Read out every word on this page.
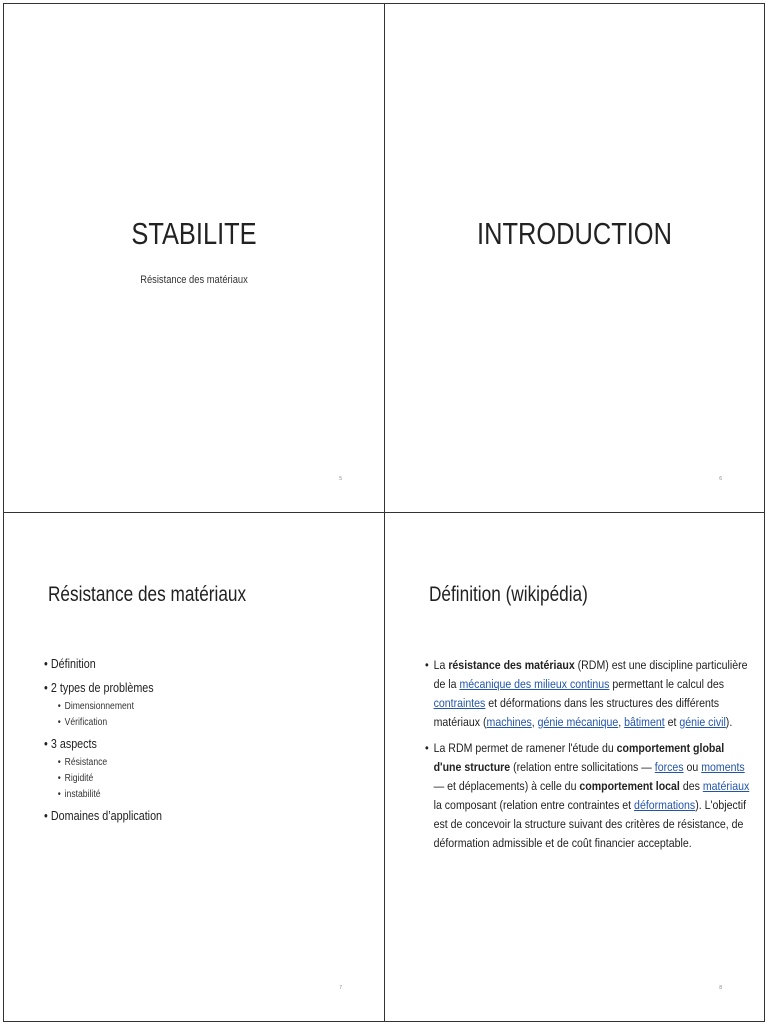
STABILITE
Résistance des matériaux
5
INTRODUCTION
6
Résistance des matériaux
• Définition
• 2 types de problèmes
• Dimensionnement
• Vérification
• 3 aspects
• Résistance
• Rigidité
• instabilité
• Domaines d’application
7
Définition (wikipédia)
• La résistance des matériaux (RDM) est une discipline particulière de la mécanique des milieux continus permettant le calcul des contraintes et déformations dans les structures des différents matériaux (machines, génie mécanique, bâtiment et génie civil).
• La RDM permet de ramener l'étude du comportement global d'une structure (relation entre sollicitations — forces ou moments — et déplacements) à celle du comportement local des matériaux la composant (relation entre contraintes et déformations). L'objectif est de concevoir la structure suivant des critères de résistance, de déformation admissible et de coût financier acceptable.
8
